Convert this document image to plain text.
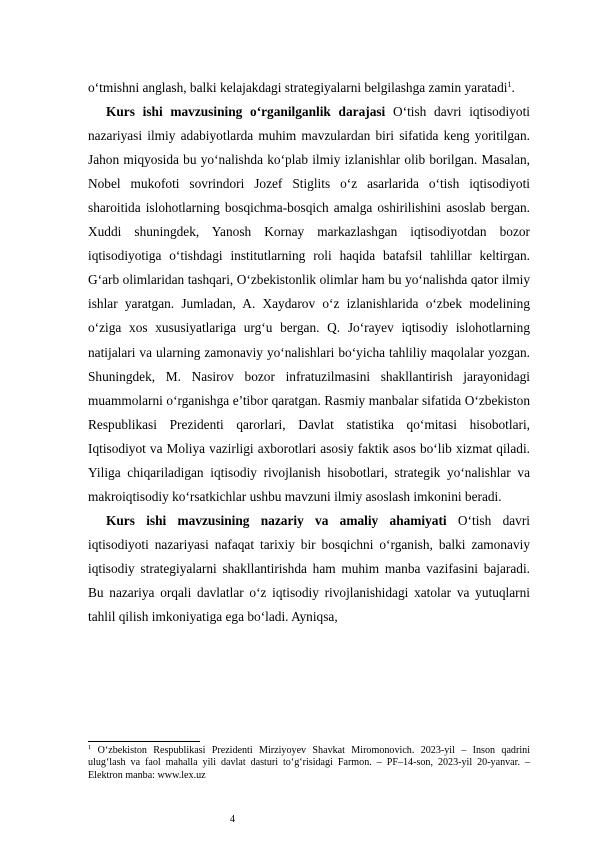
o‘tmishni anglash, balki kelajakdagi strategiyalarni belgilashga zamin yaratadi$^1$.

Kurs ishi mavzusining o‘rganilganlik darajasi O‘tish davri iqtisodiyoti nazariyasi ilmiy adabiyotlarda muhim mavzulardan biri sifatida keng yoritilgan. Jahon miqyosida bu yo‘nalishda ko‘plab ilmiy izlanishlar olib borilgan. Masalan, Nobel mukofoti sovrindori Jozef Stiglits o‘z asarlarida o‘tish iqtisodiyoti sharoitida islohotlarning bosqichma-bosqich amalga oshirilishini asoslab bergan. Xuddi shuningdek, Yanosh Kornay markazlashgan iqtisodiyotdan bozor iqtisodiyotiga o‘tishdagi institutlarning roli haqida batafsil tahlillar keltirgan. G‘arb olimlaridan tashqari, O‘zbekistonlik olimlar ham bu yo‘nalishda qator ilmiy ishlar yaratgan. Jumladan, A. Xaydarov o‘z izlanishlarida o‘zbek modelining o‘ziga xos xususiyatlariga urg‘u bergan. Q. Jo‘rayev iqtisodiy islohotlarning natijalari va ularning zamonaviy yo‘nalishlari bo‘yicha tahliliy maqolalar yozgan. Shuningdek, M. Nasirov bozor infratuzilmasini shakllantirish jarayonidagi muammolarni o‘rganishga e’tibor qaratgan. Rasmiy manbalar sifatida O‘zbekiston Respublikasi Prezidenti qarorlari, Davlat statistika qo‘mitasi hisobotlari, Iqtisodiyot va Moliya vazirligi axborotlari asosiy faktik asos bo‘lib xizmat qiladi. Yiliga chiqariladigan iqtisodiy rivojlanish hisobotlari, strategik yo‘nalishlar va makroiqtisodiy ko‘rsatkichlar ushbu mavzuni ilmiy asoslash imkonini beradi.

Kurs ishi mavzusining nazariy va amaliy ahamiyati O‘tish davri iqtisodiyoti nazariyasi nafaqat tarixiy bir bosqichni o‘rganish, balki zamonaviy iqtisodiy strategiyalarni shakllantirishda ham muhim manba vazifasini bajaradi. Bu nazariya orqali davlatlar o‘z iqtisodiy rivojlanishidagi xatolar va yutuqlarni tahlil qilish imkoniyatiga ega bo‘ladi. Ayniqsa,

$^1$ O‘zbekiston Respublikasi Prezidenti Mirziyoyev Shavkat Miromonovich. 2023-yil – Inson qadrini ulug‘lash va faol mahalla yili davlat dasturi to‘g‘risidagi Farmon. – PF–14-son, 2023-yil 20-yanvar. – Elektron manba: www.lex.uz
4
